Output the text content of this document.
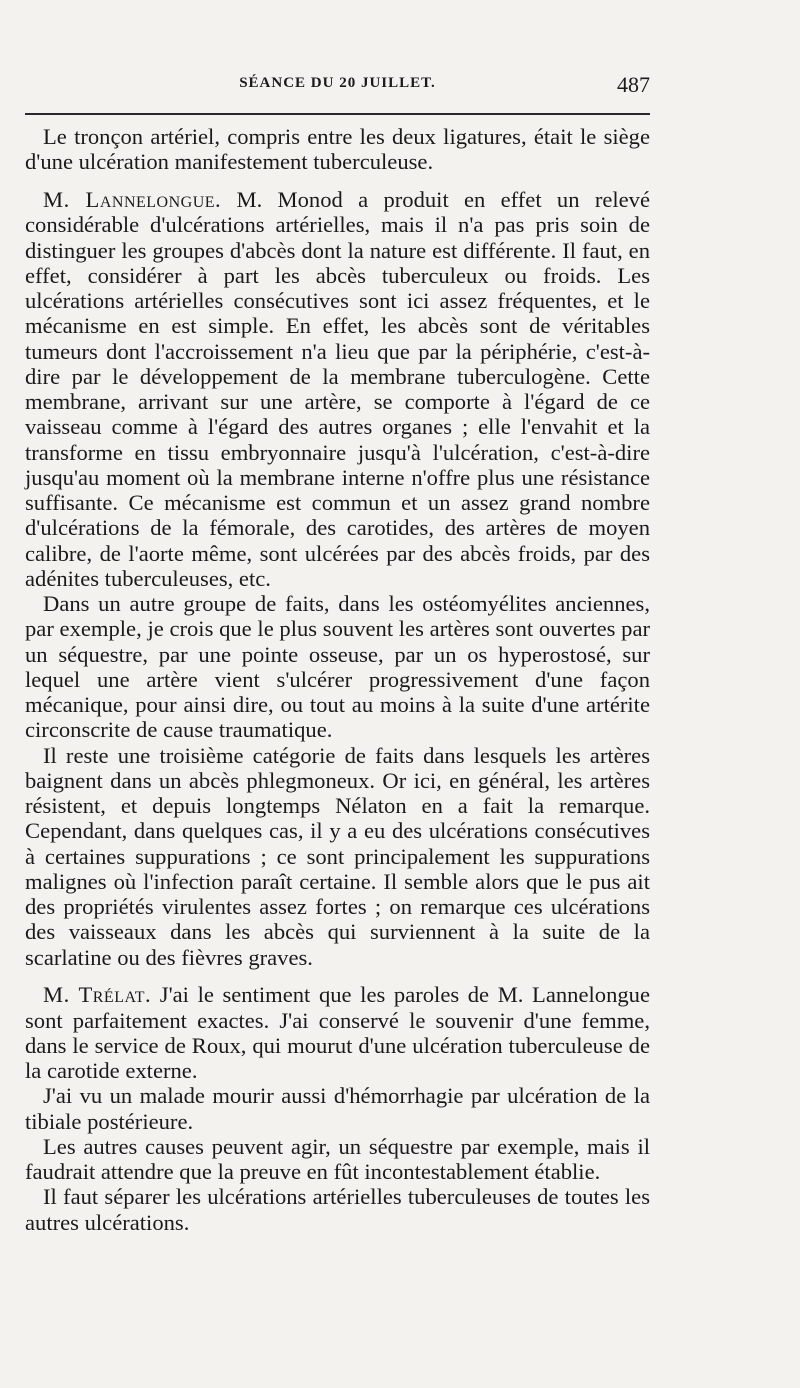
SÉANCE DU 20 JUILLET.	487

Le tronçon artériel, compris entre les deux ligatures, était le siège d'une ulcération manifestement tuberculeuse.

M. Lannelongue. M. Monod a produit en effet un relevé considérable d'ulcérations artérielles, mais il n'a pas pris soin de distinguer les groupes d'abcès dont la nature est différente. Il faut, en effet, considérer à part les abcès tuberculeux ou froids. Les ulcérations artérielles consécutives sont ici assez fréquentes, et le mécanisme en est simple. En effet, les abcès sont de véritables tumeurs dont l'accroissement n'a lieu que par la périphérie, c'est-à-dire par le développement de la membrane tuberculogène. Cette membrane, arrivant sur une artère, se comporte à l'égard de ce vaisseau comme à l'égard des autres organes ; elle l'envahit et la transforme en tissu embryonnaire jusqu'à l'ulcération, c'est-à-dire jusqu'au moment où la membrane interne n'offre plus une résistance suffisante. Ce mécanisme est commun et un assez grand nombre d'ulcérations de la fémorale, des carotides, des artères de moyen calibre, de l'aorte même, sont ulcérées par des abcès froids, par des adénites tuberculeuses, etc.

Dans un autre groupe de faits, dans les ostéomyélites anciennes, par exemple, je crois que le plus souvent les artères sont ouvertes par un séquestre, par une pointe osseuse, par un os hyperostosé, sur lequel une artère vient s'ulcérer progressivement d'une façon mécanique, pour ainsi dire, ou tout au moins à la suite d'une artérite circonscrite de cause traumatique.

Il reste une troisième catégorie de faits dans lesquels les artères baignent dans un abcès phlegmoneux. Or ici, en général, les artères résistent, et depuis longtemps Nélaton en a fait la remarque. Cependant, dans quelques cas, il y a eu des ulcérations consécutives à certaines suppurations ; ce sont principalement les suppurations malignes où l'infection paraît certaine. Il semble alors que le pus ait des propriétés virulentes assez fortes ; on remarque ces ulcérations des vaisseaux dans les abcès qui surviennent à la suite de la scarlatine ou des fièvres graves.

M. Trélat. J'ai le sentiment que les paroles de M. Lannelongue sont parfaitement exactes. J'ai conservé le souvenir d'une femme, dans le service de Roux, qui mourut d'une ulcération tuberculeuse de la carotide externe.

J'ai vu un malade mourir aussi d'hémorrhagie par ulcération de la tibiale postérieure.

Les autres causes peuvent agir, un séquestre par exemple, mais il faudrait attendre que la preuve en fût incontestablement établie.

Il faut séparer les ulcérations artérielles tuberculeuses de toutes les autres ulcérations.
